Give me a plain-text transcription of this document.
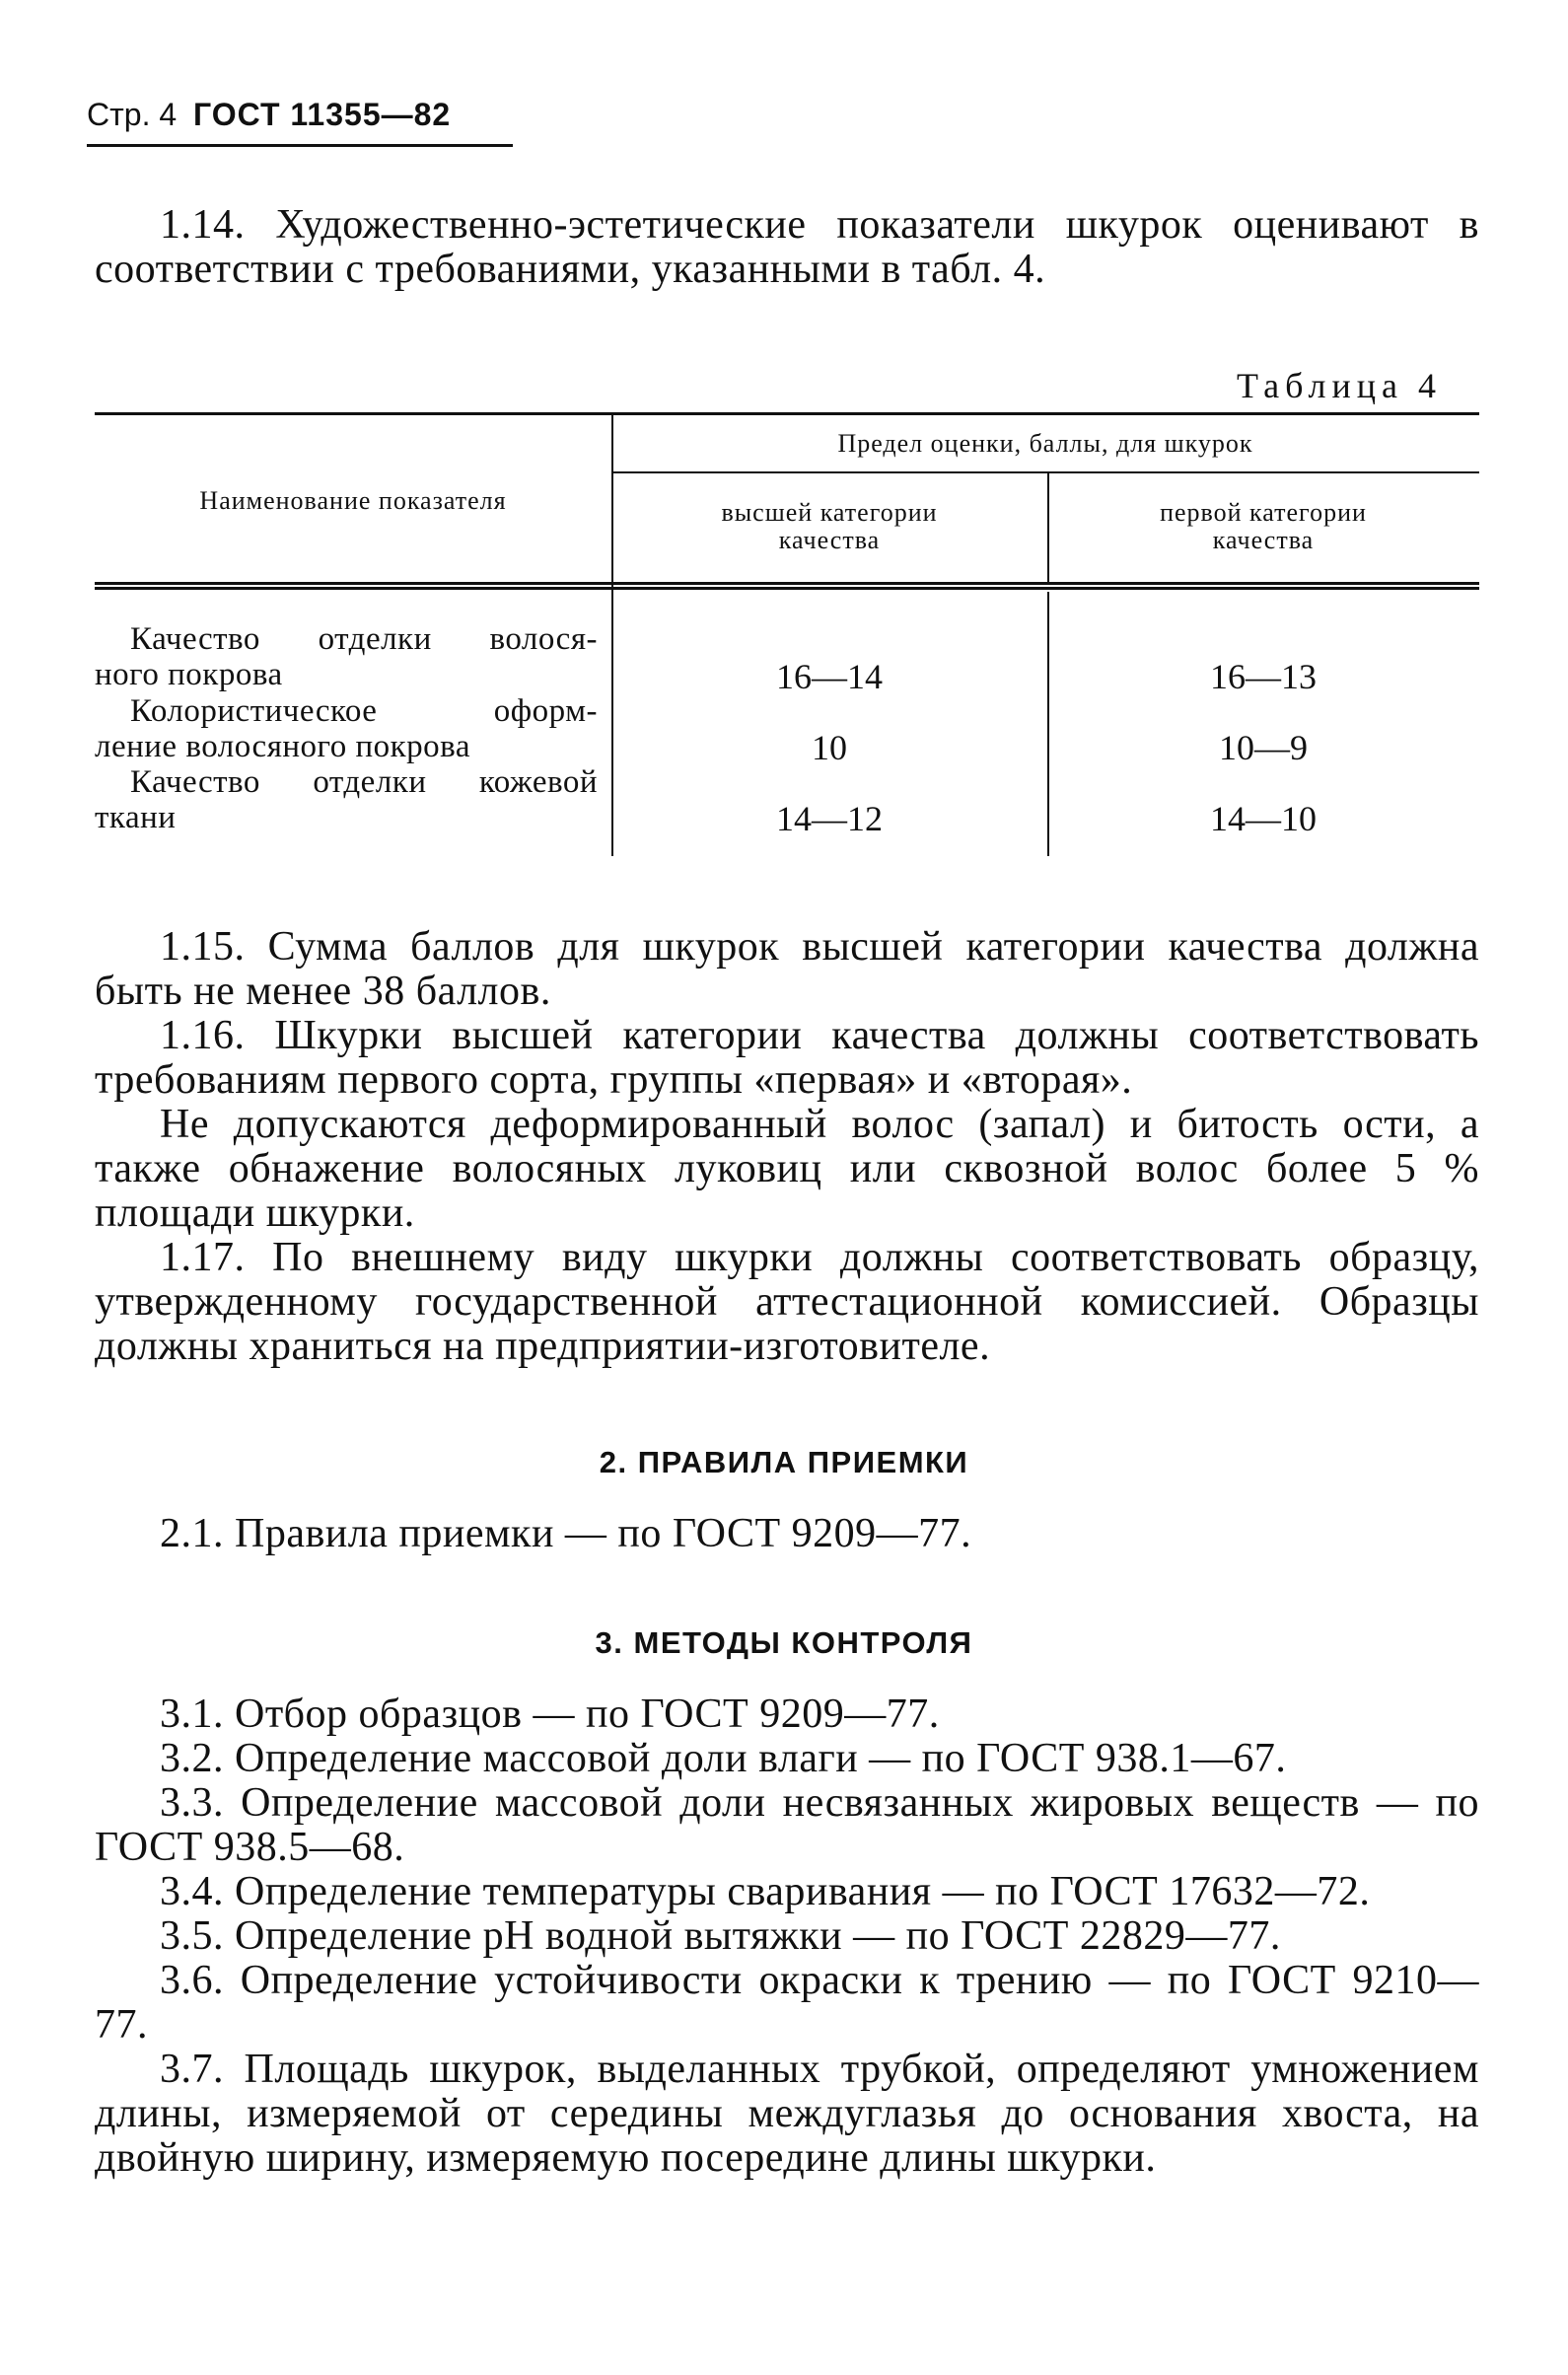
Стр. 4 ГОСТ 11355—82

1.14. Художественно-эстетические показатели шкурок оценивают в соответствии с требованиями, указанными в табл. 4.

Таблица 4
Наименование показателя
Предел оценки, баллы, для шкурок
высшей категории
качества
первой категории
качества
Качество отделки волося-
ного покрова	16—14	16—13
Колористическое оформ-
ление волосяного покрова	10	10—9
Качество отделки кожевой
ткани	14—12	14—10

1.15. Сумма баллов для шкурок высшей категории качества должна быть не менее 38 баллов.

1.16. Шкурки высшей категории качества должны соответствовать требованиям первого сорта, группы «первая» и «вторая».

Не допускаются деформированный волос (запал) и битость ости, а также обнажение волосяных луковиц или сквозной волос более 5 % площади шкурки.

1.17. По внешнему виду шкурки должны соответствовать образцу, утвержденному государственной аттестационной комиссией. Образцы должны храниться на предприятии-изготовителе.

2. ПРАВИЛА ПРИЕМКИ

2.1. Правила приемки — по ГОСТ 9209—77.

3. МЕТОДЫ КОНТРОЛЯ

3.1. Отбор образцов — по ГОСТ 9209—77.

3.2. Определение массовой доли влаги — по ГОСТ 938.1—67.

3.3. Определение массовой доли несвязанных жировых веществ — по ГОСТ 938.5—68.

3.4. Определение температуры сваривания — по ГОСТ 17632—72.

3.5. Определение рН водной вытяжки — по ГОСТ 22829—77.

3.6. Определение устойчивости окраски к трению — по ГОСТ 9210—77.

3.7. Площадь шкурок, выделанных трубкой, определяют умножением длины, измеряемой от середины междуглазья до основания хвоста, на двойную ширину, измеряемую посередине длины шкурки.
